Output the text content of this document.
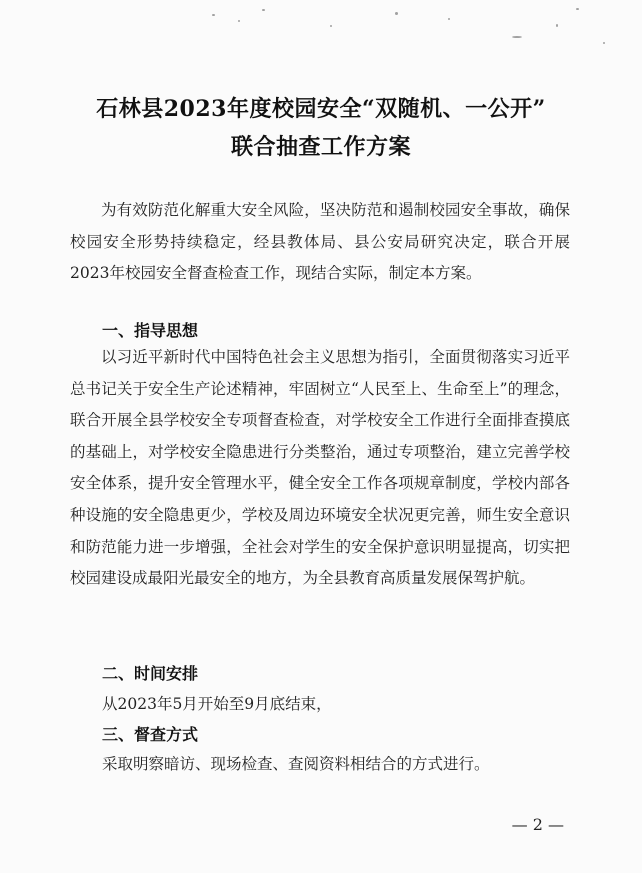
石林县2023年度校园安全“双随机、一公开”
联合抽查工作方案
为有效防范化解重大安全风险，坚决防范和遏制校园安全事故，确保校园安全形势持续稳定，经县教体局、县公安局研究决定，联合开展2023年校园安全督查检查工作，现结合实际，制定本方案。
一、指导思想
以习近平新时代中国特色社会主义思想为指引，全面贯彻落实习近平总书记关于安全生产论述精神，牢固树立“人民至上、生命至上”的理念，联合开展全县学校安全专项督查检查，对学校安全工作进行全面排查摸底的基础上，对学校安全隐患进行分类整治，通过专项整治，建立完善学校安全体系，提升安全管理水平，健全安全工作各项规章制度，学校内部各种设施的安全隐患更少，学校及周边环境安全状况更完善，师生安全意识和防范能力进一步增强，全社会对学生的安全保护意识明显提高，切实把校园建设成最阳光最安全的地方，为全县教育高质量发展保驾护航。
二、时间安排
从2023年5月开始至9月底结束，
三、督查方式
采取明察暗访、现场检查、查阅资料相结合的方式进行。
— 2 —
